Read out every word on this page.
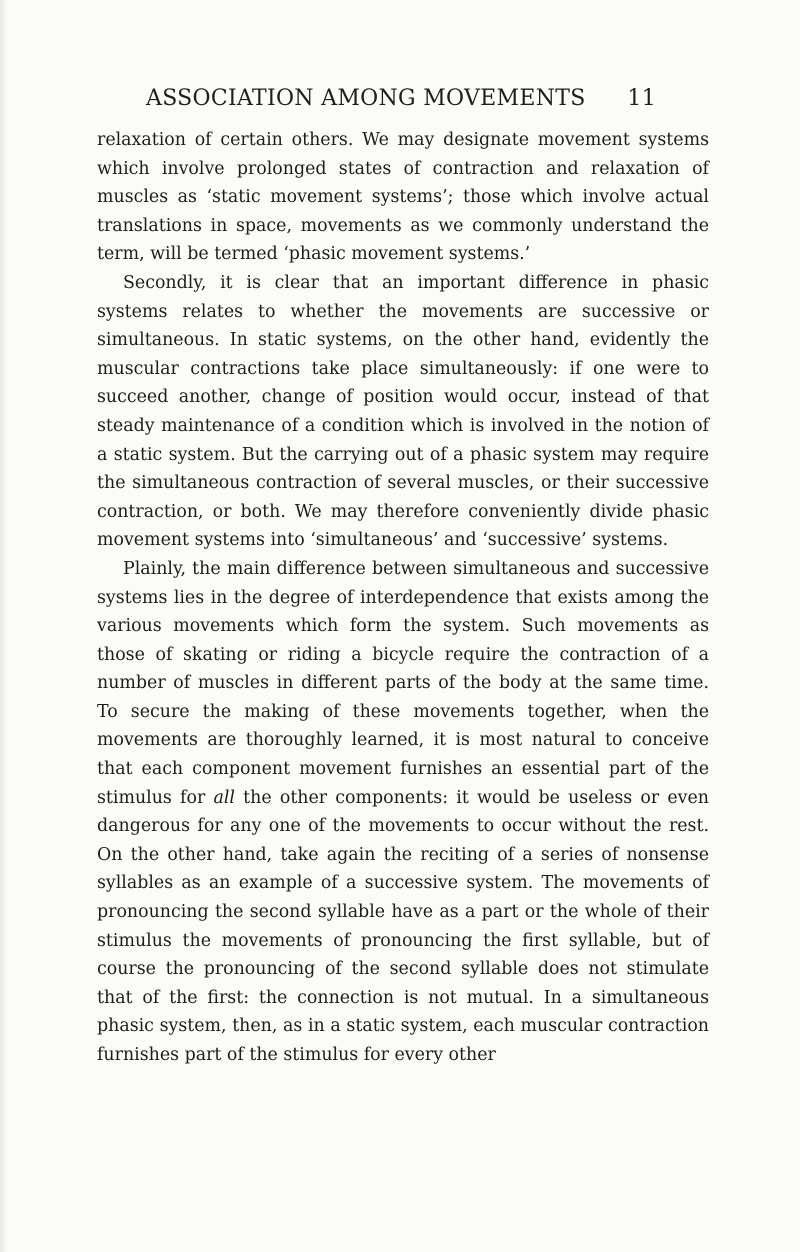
ASSOCIATION AMONG MOVEMENTS 11

relaxation of certain others. We may designate movement systems which involve prolonged states of contraction and relaxation of muscles as ‘static movement systems’; those which involve actual translations in space, movements as we commonly understand the term, will be termed ‘phasic movement systems.’

Secondly, it is clear that an important difference in phasic systems relates to whether the movements are successive or simultaneous. In static systems, on the other hand, evidently the muscular contractions take place simultaneously: if one were to succeed another, change of position would occur, instead of that steady maintenance of a condition which is involved in the notion of a static system. But the carrying out of a phasic system may require the simultaneous contraction of several muscles, or their successive contraction, or both. We may therefore conveniently divide phasic movement systems into ‘simultaneous’ and ‘successive’ systems.

Plainly, the main difference between simultaneous and successive systems lies in the degree of interdependence that exists among the various movements which form the system. Such movements as those of skating or riding a bicycle require the contraction of a number of muscles in different parts of the body at the same time. To secure the making of these movements together, when the movements are thoroughly learned, it is most natural to conceive that each component movement furnishes an essential part of the stimulus for all the other components: it would be useless or even dangerous for any one of the movements to occur without the rest. On the other hand, take again the reciting of a series of nonsense syllables as an example of a successive system. The movements of pronouncing the second syllable have as a part or the whole of their stimulus the movements of pronouncing the first syllable, but of course the pronouncing of the second syllable does not stimulate that of the first: the connection is not mutual. In a simultaneous phasic system, then, as in a static system, each muscular contraction furnishes part of the stimulus for every other
